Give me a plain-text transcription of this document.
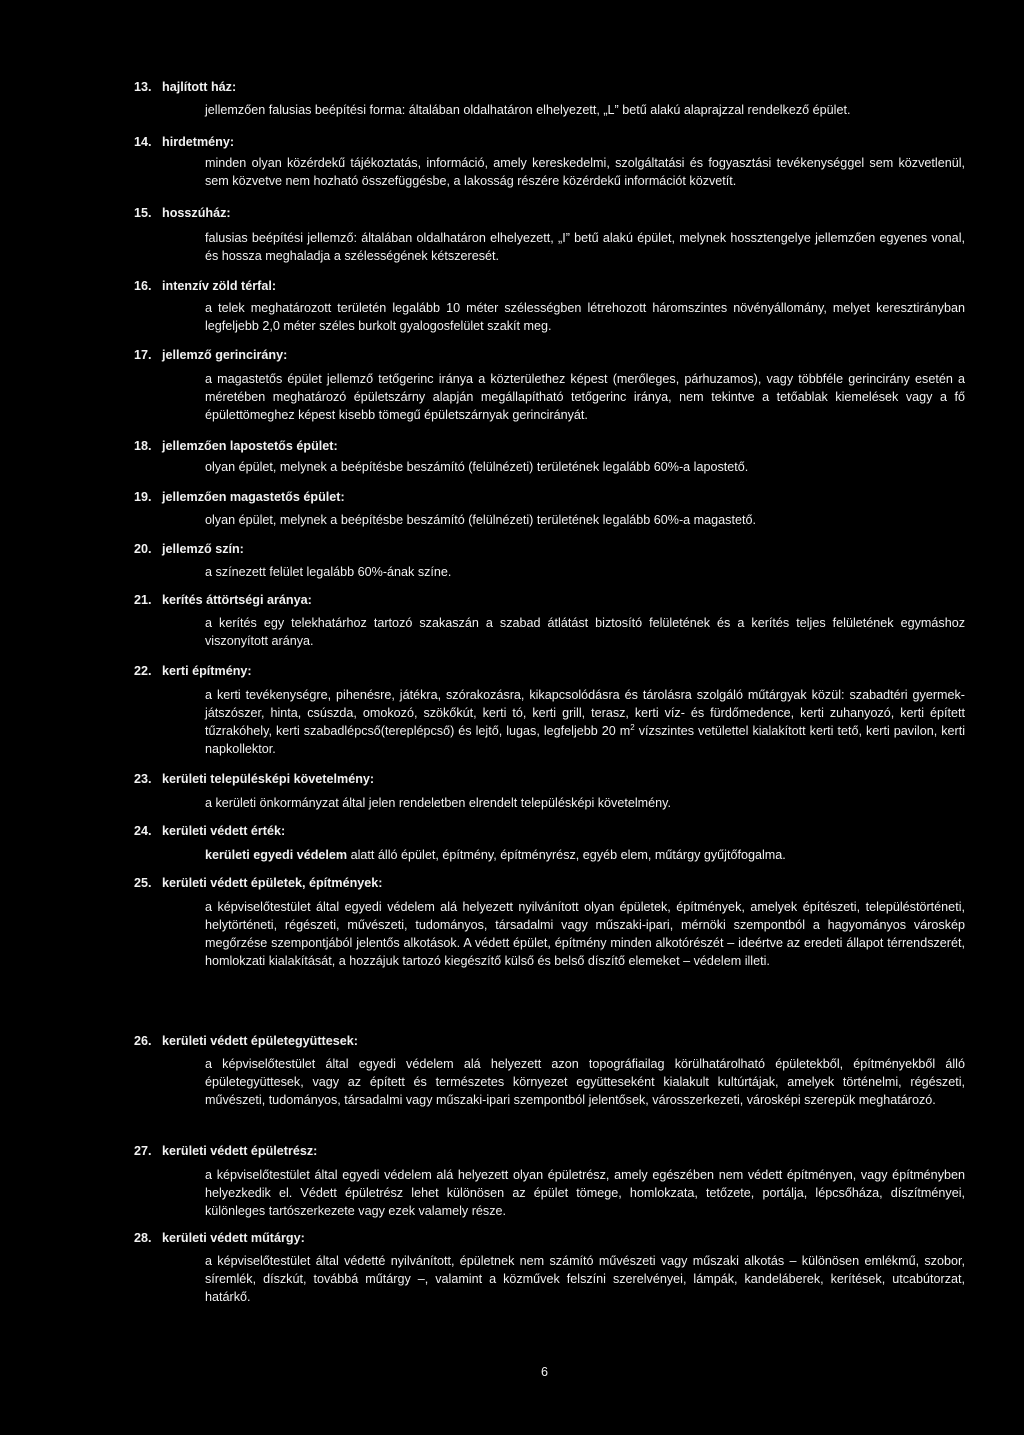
13. hajlított ház:
jellemzően falusias beépítési forma: általában oldalhatáron elhelyezett, „L” betű alakú alaprajzzal rendelkező épület.
14. hirdetmény:
minden olyan közérdekű tájékoztatás, információ, amely kereskedelmi, szolgáltatási és fogyasztási tevékenységgel sem közvetlenül, sem közvetve nem hozható összefüggésbe, a lakosság részére közérdekű információt közvetít.
15. hosszúház:
falusias beépítési jellemző: általában oldalhatáron elhelyezett, „I” betű alakú épület, melynek hossztengelye jellemzően egyenes vonal, és hossza meghaladja a szélességének kétszeresét.
16. intenzív zöld térfal:
a telek meghatározott területén legalább 10 méter szélességben létrehozott háromszintes növényállomány, melyet keresztirányban legfeljebb 2,0 méter széles burkolt gyalogosfelület szakít meg.
17. jellemző gerincirány:
a magastetős épület jellemző tetőgerinc iránya a közterülethez képest (merőleges, párhuzamos), vagy többféle gerincirány esetén a méretében meghatározó épületszárny alapján megállapítható tetőgerinc iránya, nem tekintve a tetőablak kiemelések vagy a fő épülettömeghez képest kisebb tömegű épületszárnyak gerincirányát.
18. jellemzően lapostetős épület:
olyan épület, melynek a beépítésbe beszámító (felülnézeti) területének legalább 60%-a lapostető.
19. jellemzően magastetős épület:
olyan épület, melynek a beépítésbe beszámító (felülnézeti) területének legalább 60%-a magastető.
20. jellemző szín:
a színezett felület legalább 60%-ának színe.
21. kerítés áttörtségi aránya:
a kerítés egy telekhatárhoz tartozó szakaszán a szabad átlátást biztosító felületének és a kerítés teljes felületének egymáshoz viszonyított aránya.
22. kerti építmény:
a kerti tevékenységre, pihenésre, játékra, szórakozásra, kikapcsolódásra és tárolásra szolgáló műtárgyak közül: szabadtéri gyermek-játszószer, hinta, csúszda, omokozó, szökőkút, kerti tó, kerti grill, terasz, kerti víz- és fürdőmedence, kerti zuhanyozó, kerti épített tűzrakóhely, kerti szabadlépcső(tereplépcső) és lejtő, lugas, legfeljebb 20 $m^2$ vízszintes vetülettel kialakított kerti tető, kerti pavilon, kerti napkollektor.
23. kerületi településképi követelmény:
a kerületi önkormányzat által jelen rendeletben elrendelt településképi követelmény.
24. kerületi védett érték:
kerületi egyedi védelem alatt álló épület, építmény, építményrész, egyéb elem, műtárgy gyűjtőfogalma.
25. kerületi védett épületek, építmények:
a képviselőtestület által egyedi védelem alá helyezett nyilvánított olyan épületek, építmények, amelyek építészeti, településtörténeti, helytörténeti, régészeti, művészeti, tudományos, társadalmi vagy műszaki-ipari, mérnöki szempontból a hagyományos városkép megőrzése szempontjából jelentős alkotások. A védett épület, építmény minden alkotórészét – ideértve az eredeti állapot térrendszerét, homlokzati kialakítását, a hozzájuk tartozó kiegészítő külső és belső díszítő elemeket – védelem illeti.
26. kerületi védett épületegyüttesek:
a képviselőtestület által egyedi védelem alá helyezett azon topográfiailag körülhatárolható épületekből, építményekből álló épületegyüttesek, vagy az épített és természetes környezet együtteseként kialakult kultúrtájak, amelyek történelmi, régészeti, művészeti, tudományos, társadalmi vagy műszaki-ipari szempontból jelentősek, városszerkezeti, városképi szerepük meghatározó.
27. kerületi védett épületrész:
a képviselőtestület által egyedi védelem alá helyezett olyan épületrész, amely egészében nem védett építményen, vagy építményben helyezkedik el. Védett épületrész lehet különösen az épület tömege, homlokzata, tetőzete, portálja, lépcsőháza, díszítményei, különleges tartószerkezete vagy ezek valamely része.
28. kerületi védett műtárgy:
a képviselőtestület által védetté nyilvánított, épületnek nem számító művészeti vagy műszaki alkotás – különösen emlékmű, szobor, síremlék, díszkút, továbbá műtárgy –, valamint a közművek felszíni szerelvényei, lámpák, kandeláberek, kerítések, utcabútorzat, határkő.
6
